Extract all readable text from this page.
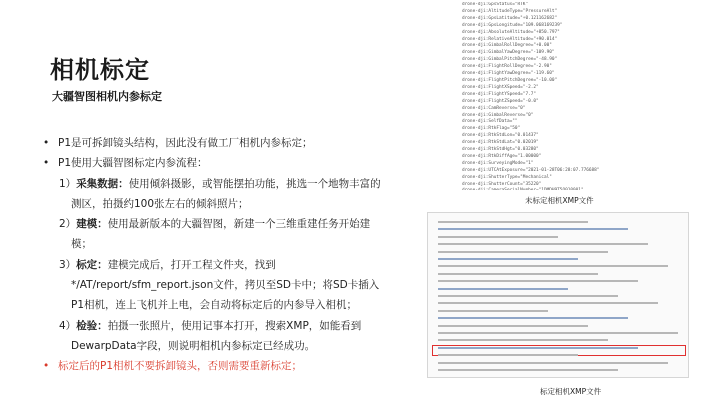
相机标定
大疆智图相机内参标定
• P1是可拆卸镜头结构，因此没有做工厂相机内参标定；
• P1使用大疆智图标定内参流程：
1）采集数据：使用倾斜摄影，或智能摆拍功能，挑选一个地物丰富的测区，拍摄约100张左右的倾斜照片；
2）建模：使用最新版本的大疆智图，新建一个三维重建任务开始建模；
3）标定：建模完成后，打开工程文件夹，找到*/AT/report/sfm_report.json文件，拷贝至SD卡中；将SD卡插入P1相机，连上飞机并上电，会自动将标定后的内参导入相机；
4）检验：拍摄一张照片，使用记事本打开，搜索XMP，如能看到DewarpData字段，则说明相机内参标定已经成功。
• 标定后的P1相机不要拆卸镜头，否则需要重新标定；
drone-dji:GpsStatus="RTK"
drone-dji:AltitudeType="PressureAlt"
drone-dji:GpsLatitude="+0.121162682"
drone-dji:GpsLongitude="109.068169239"
drone-dji:AbsoluteAltitude="+850.797"
drone-dji:RelativeAltitude="+90.014"
drone-dji:GimbalRollDegree="+0.00"
drone-dji:GimbalYawDegree="-109.90"
drone-dji:GimbalPitchDegree="-48.90"
drone-dji:FlightRollDegree="-2.90"
drone-dji:FlightYawDegree="-119.60"
drone-dji:FlightPitchDegree="-10.00"
drone-dji:FlightXSpeed="-2.2"
drone-dji:FlightYSpeed="7.7"
drone-dji:FlightZSpeed="-0.0"
drone-dji:CamReverse="0"
drone-dji:GimbalReverse="0"
drone-dji:SelfData=""
drone-dji:RtkFlag="50"
drone-dji:RtkStdLon="0.01437"
drone-dji:RtkStdLat="0.02019"
drone-dji:RtkStdHgt="0.03280"
drone-dji:RtkDiffAge="1.00000"
drone-dji:SurveyingMode="1"
drone-dji:UTCAtExposure="2021-01-28T06:28:07.776688"
drone-dji:ShutterType="Mechanical"
drone-dji:ShutterCount="35220"
未标定相机XMP文件
标定相机XMP文件
